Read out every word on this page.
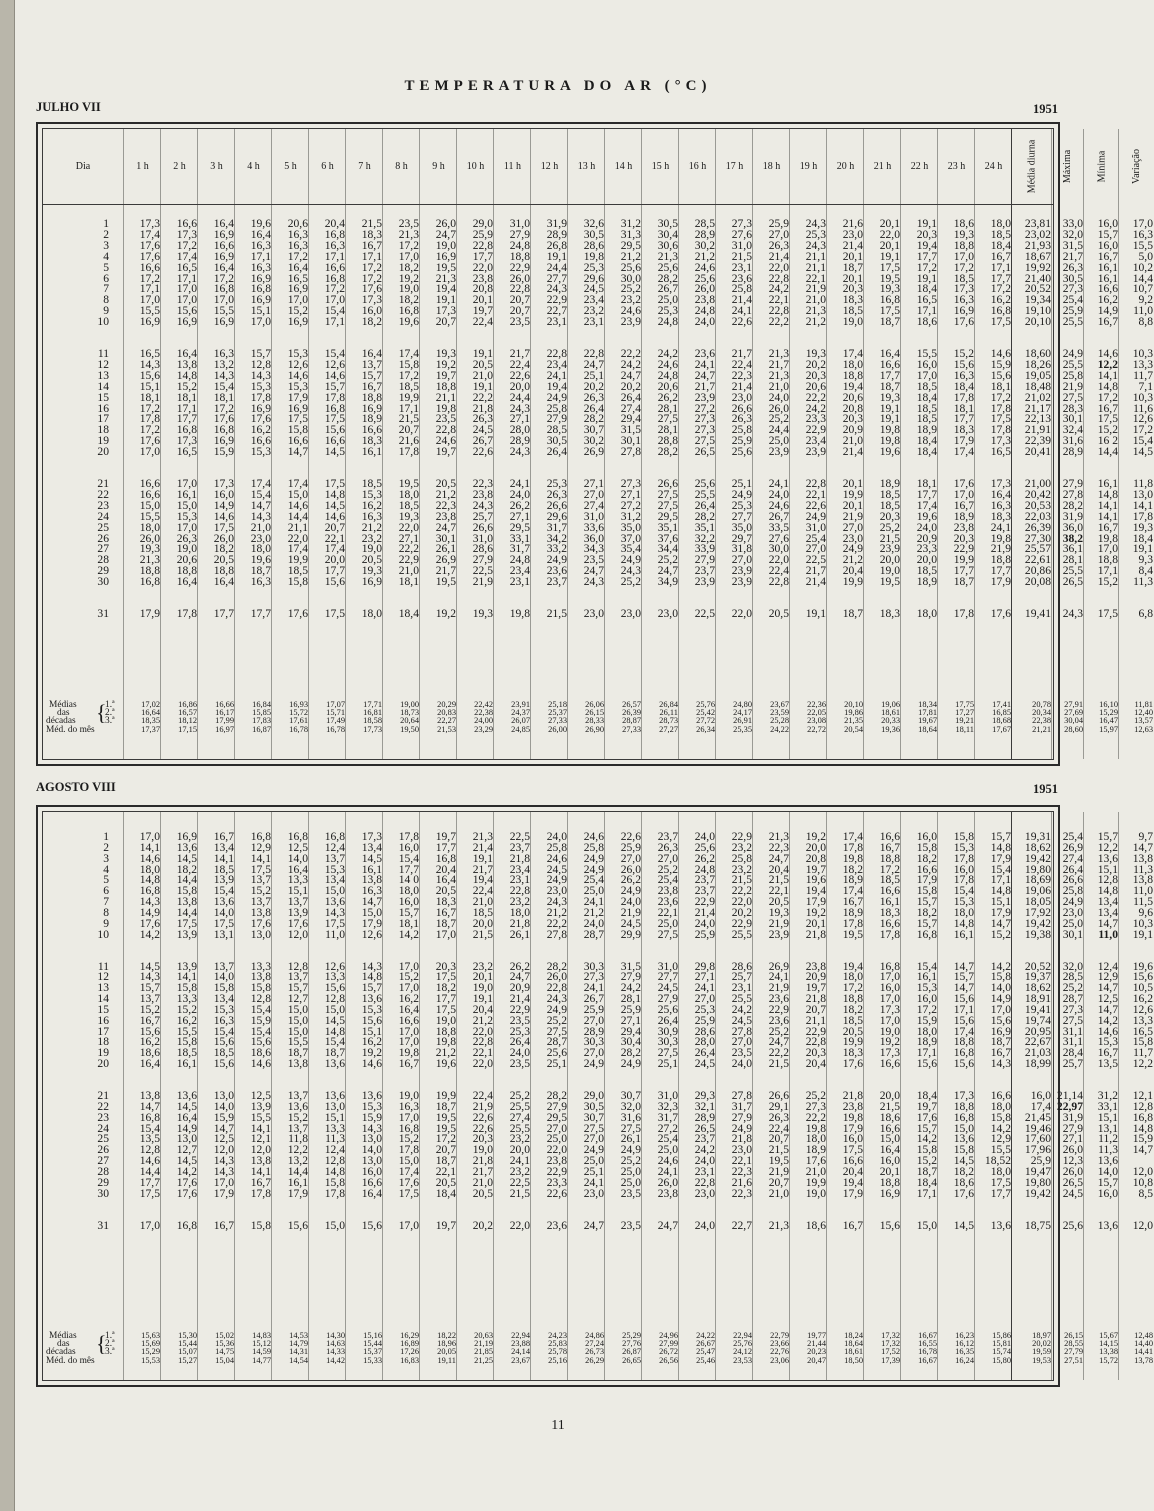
TEMPERATURA DO AR (°C)
JULHO VII	1951
Dia
1
2
3
4
5
6
7
8
9
10
11
12
13
14
15
16
17
18
19
20
21
22
23
24
25
26
27
28
29
30
31
Médias
das
décadas
1.ª
2.ª
3.ª
Méd. do mês
{
1 h
17,3
17,4
17,6
17,6
16,6
17,2
17,1
17,0
15,5
16,9
16,5
14,3
15,6
15,1
18,1
17,2
17,8
17,2
17,6
17,0
16,6
16,6
15,0
15,5
18,0
26,0
19,3
21,3
18,8
16,8
17,9
17,02
16,64
18,35
17,37
2 h
16,6
17,3
17,2
17,4
16,5
17,1
17,0
17,0
15,6
16,9
16,4
13,8
14,8
15,2
18,1
17,1
17,7
16,8
17,3
16,5
17,0
16,1
15,0
15,3
17,0
26,3
19,0
20,6
18,8
16,4
17,8
16,86
16,57
18,12
17,15
3 h
16,4
16,9
16,6
16,9
16,4
17,2
16,8
17,0
15,5
16,9
16,3
13,2
14,3
15,4
18,1
17,2
17,6
16,8
16,9
15,9
17,3
16,0
14,9
14,6
17,5
26,0
18,2
20,5
18,8
16,4
17,7
16,66
16,17
17,99
16,97
4 h
19,6
16,4
16,3
17,1
16,3
16,9
16,8
16,9
15,1
17,0
15,7
12,8
14,3
15,3
17,8
16,9
17,6
16,2
16,6
15,3
17,4
15,4
14,7
14,3
21,0
23,0
18,0
19,6
18,7
16,3
17,7
16,84
15,85
17,83
16,87
5 h
20,6
16,3
16,3
17,2
16,4
16,5
16,9
17,0
15,2
16,9
15,3
12,6
14,6
15,3
17,9
16,9
17,5
15,8
16,6
14,7
17,4
15,0
14,6
14,4
21,1
22,0
17,4
19,9
18,5
15,8
17,6
16,93
15,72
17,61
16,78
6 h
20,4
16,8
16,3
17,1
16,6
16,8
17,2
17,0
15,4
17,1
15,4
12,6
14,6
15,7
17,8
16,8
17,5
15,6
16,6
14,5
17,5
14,8
14,5
14,6
20,7
22,1
17,4
20,0
17,7
15,6
17,5
17,07
15,71
17,49
16,78
7 h
21,5
18,3
16,7
17,1
17,2
17,2
17,6
17,3
16,0
18,2
16,4
13,7
15,7
16,7
18,8
16,9
18,9
16,6
18,3
16,1
18,5
15,3
16,2
16,3
21,2
23,2
19,0
20,5
19,3
16,9
18,0
17,71
16,81
18,58
17,73
8 h
23,5
21,3
17,2
17,0
18,2
19,2
19,0
18,2
16,8
19,6
17,4
15,8
17,2
18,5
19,9
17,1
21,5
20,7
21,6
17,8
19,5
18,0
18,5
19,3
22,0
27,1
22,2
22,9
21,0
18,1
18,4
19,00
18,73
20,64
19,50
9 h
26,0
24,7
19,0
16,9
19,5
21,3
19,4
19,1
17,3
20,7
19,3
19,2
19,7
18,8
21,1
19,8
23,5
22,8
24,6
19,7
20,5
21,2
22,3
23,8
24,7
30,1
26,1
26,9
21,7
19,5
19,2
20,29
20,83
22,27
21,53
10 h
29,0
25,9
22,8
17,7
22,0
23,8
20,8
20,1
19,7
22,4
19,1
20,5
21,0
19,1
22,2
21,8
26,3
24,5
26,7
22,6
22,3
23,8
24,3
25,7
26,6
31,0
28,6
27,9
22,5
21,9
19,3
22,42
22,38
24,00
23,29
11 h
31,0
27,9
24,8
18,8
22,9
26,0
22,8
20,7
20,7
23,5
21,7
22,4
22,6
20,0
24,4
24,3
27,1
28,0
28,9
24,3
24,1
24,0
26,2
27,1
29,5
33,1
31,7
24,8
23,4
23,1
19,8
23,91
24,37
26,07
24,85
12 h
31,9
28,9
26,8
19,1
24,4
27,7
24,3
22,9
22,7
23,1
22,8
23,4
24,1
19,4
24,9
25,8
27,9
28,5
30,5
26,4
25,3
26,3
26,6
29,6
31,7
34,2
33,2
24,9
23,6
23,7
21,5
25,18
25,37
27,33
26,00
13 h
32,6
30,5
28,6
19,8
25,3
29,6
24,5
23,4
23,2
23,1
22,8
24,7
25,1
20,2
26,3
26,4
28,2
30,7
30,2
26,9
27,1
27,0
27,4
31,0
33,6
36,0
34,3
23,5
24,7
24,3
23,0
26,06
26,15
28,33
26,90
14 h
31,2
31,3
29,5
21,2
25,6
30,0
25,2
23,2
24,6
23,9
22,2
24,2
24,7
20,2
26,4
27,4
29,4
31,5
30,1
27,8
27,3
27,1
27,2
31,2
35,0
37,0
35,4
24,9
24,3
25,2
23,0
26,57
26,39
28,87
27,33
15 h
30,5
30,4
30,6
21,3
25,6
28,2
26,7
25,0
25,3
24,8
24,2
24,6
24,8
20,6
26,2
28,1
27,5
28,1
28,8
28,2
26,6
27,5
27,5
29,5
35,1
37,6
34,4
25,2
24,7
34,9
23,0
26,84
26,11
28,73
27,27
16 h
28,5
28,9
30,2
21,2
24,6
25,6
26,0
23,8
24,8
24,0
23,6
24,1
24,7
21,7
23,9
27,2
27,3
27,3
27,5
26,5
25,6
25,5
26,4
28,2
35,1
32,2
33,9
27,9
23,7
23,9
22,5
25,76
25,42
27,72
26,34
17 h
27,3
27,6
31,0
21,5
23,1
23,6
25,8
21,4
24,1
22,6
21,7
22,4
22,3
21,4
23,0
26,6
26,3
25,8
25,9
25,6
25,1
24,9
25,3
27,7
35,0
29,7
31,8
27,0
23,9
23,9
22,0
24,80
24,17
26,91
25,35
18 h
25,9
27,0
26,3
21,4
22,0
22,8
24,2
22,1
22,8
22,2
21,3
21,7
21,3
21,0
24,0
26,0
25,2
24,4
25,0
23,9
24,1
24,0
24,6
26,7
33,5
27,6
30,0
22,0
22,4
22,8
20,5
23,67
23,59
25,28
24,22
19 h
24,3
25,3
24,3
21,1
21,1
22,1
21,9
21,0
21,3
21,2
19,3
20,2
20,3
20,6
22,2
24,2
23,3
22,9
23,4
23,9
22,8
22,1
22,6
24,9
31,0
25,4
27,0
22,5
21,7
21,4
19,1
22,36
22,05
23,08
22,72
20 h
21,6
23,0
21,4
20,1
18,7
20,1
20,3
18,3
18,5
19,0
17,4
18,0
18,8
19,4
20,6
20,8
20,3
20,9
21,0
21,4
20,1
19,9
20,1
21,9
27,0
23,0
24,9
21,2
20,4
19,9
18,7
20,10
19,86
21,35
20,54
21 h
20,1
22,0
20,1
19,1
17,5
19,5
19,3
16,8
17,5
18,7
16,4
16,6
17,7
18,7
19,3
19,1
19,1
19,8
19,8
19,6
18,9
18,5
18,5
20,3
25,2
21,5
23,9
20,0
19,0
19,5
18,3
19,06
18,61
20,33
19,36
22 h
19,1
20,3
19,4
17,7
17,2
19,1
18,4
16,5
17,1
18,6
15,5
16,0
17,0
18,5
18,4
18,5
18,5
18,9
18,4
18,4
18,1
17,7
17,4
19,6
24,0
20,9
23,3
20,0
18,5
18,9
18,0
18,34
17,81
19,67
18,64
23 h
18,6
19,3
18,8
17,0
17,2
18,5
17,3
16,3
16,9
17,6
15,2
15,6
16,3
18,4
17,8
18,1
17,7
18,3
17,9
17,4
17,6
17,0
16,7
18,9
23,8
20,3
22,9
19,9
17,7
18,7
17,8
17,75
17,27
19,21
18,11
24 h
18,0
18,5
18,4
16,7
17,1
17,7
17,2
16,2
16,8
17,5
14,6
15,9
15,6
18,1
17,2
17,8
17,5
17,8
17,3
16,5
17,3
16,4
16,3
18,3
24,1
19,8
21,9
18,8
17,7
17,9
17,6
17,41
16,85
18,68
17,67
Média diurna
23,81
23,02
21,93
18,67
19,92
21,40
20,52
19,34
19,10
20,10
18,60
18,26
19,05
18,48
21,02
21,17
22,13
21,91
22,39
20,41
21,00
20,42
20,53
22,03
26,39
27,30
25,57
22,61
20,86
20,08
19,41
20,78
20,34
22,38
21,21
Máxima
33,0
32,0
31,5
21,7
26,3
30,5
27,3
25,4
25,9
25,5
24,9
25,5
25,8
21,9
27,5
28,3
30,1
32,4
31,6
28,9
27,9
27,8
28,2
31,9
36,0
38,2
36,1
28,1
25,5
26,5
24,3
27,91
27,69
30,04
28,60
Mínima
16,0
15,7
16,0
16,7
16,1
16,1
16,6
16,2
14,9
16,7
14,6
12,2
14,1
14,8
17,2
16,7
17,5
15,2
16 2
14,4
16,1
14,8
14,1
14,1
16,7
19,8
17,0
18,8
17,1
15,2
17,5
16,10
15,29
16,47
15,97
Variação
17,0
16,3
15,5
5,0
10,2
14,4
10,7
9,2
11,0
8,8
10,3
13,3
11,7
7,1
10,3
11,6
12,6
17,2
15,4
14,5
11,8
13,0
14,1
17,8
19,3
18,4
19,1
9,3
8,4
11,3
6,8
11,81
12,40
13,57
12,63
AGOSTO VIII	1951
1
2
3
4
5
6
7
8
9
10
11
12
13
14
15
16
17
18
19
20
21
22
23
24
25
26
27
28
29
30
31
Médias
das
décadas
1.ª
2.ª
3.ª
Méd. do mês
{
17,0
14,1
14,6
18,0
14,8
16,8
14,3
14,9
17,6
14,2
14,5
14,3
15,7
13,7
15,2
16,7
15,6
16,2
18,6
16,4
13,8
14,7
16,8
15,4
13,5
12,8
14,6
14,4
17,7
17,5
17,0
15,63
15,69
15,29
15,53
16,9
13,6
14,5
18,2
14,4
15,8
13,8
14,4
17,5
13,9
13,9
14,1
15,8
13,3
15,2
16,2
15,5
15,8
18,5
16,1
13,6
14,5
16,4
14,9
13,0
12,7
14,5
14,2
17,6
17,6
16,8
15,30
15,44
15,07
15,27
16,7
13,4
14,1
18,5
13,9
15,4
13,6
14,0
17,5
13,1
13,7
14,0
15,8
13,4
15,3
16,3
15,4
15,6
18,5
15,6
13,0
14,0
15,9
14,7
12,5
12,0
14,3
14,3
17,0
17,9
16,7
15,02
15,36
14,75
15,04
16,8
12,9
14,1
17,5
13,7
15,2
13,7
13,8
17,6
13,0
13,3
13,8
15,8
12,8
15,4
15,9
15,4
15,6
18,6
14,6
12,5
13,9
15,5
14,1
12,1
12,0
13,8
14,1
16,7
17,8
15,8
14,83
15,12
14,59
14,77
16,8
12,5
14,0
16,4
13,3
15,1
13,7
13,9
17,6
12,0
12,8
13,7
15,7
12,7
15,0
15,0
15,0
15,5
18,7
13,8
13,7
13,6
15,2
13,7
11,8
12,2
13,2
14,4
16,1
17,9
15,6
14,53
14,79
14,31
14,54
16,8
12,4
13,7
15,3
13,4
15,0
13,6
14,3
17,5
11,0
12,6
13,3
15,6
12,8
15,0
14,5
14,8
15,4
18,7
13,6
13,6
13,0
15,1
13,3
11,3
12,4
12,8
14,8
15,8
17,8
15,0
14,30
14,63
14,33
14,42
17,3
13,4
14,5
16,1
13,8
16,3
14,7
15,0
17,9
12,6
14,3
14,8
15,7
13,6
15,3
15,6
15,1
16,2
19,2
14,6
13,6
15,3
15,9
14,3
13,0
14,0
13,0
16,0
16,6
16,4
15,6
15,16
15,44
15,37
15,33
17,8
16,0
15,4
17,7
14 0
18,0
16,0
15,7
18,1
14,2
17,0
15,2
17,0
16,2
16,4
16,6
17,0
17,0
19,8
16,7
19,0
16,3
17,0
16,8
15,2
17,8
15,0
17,4
17,6
17,5
17,0
16,29
16,89
17,26
16,83
19,7
17,7
16,8
20,4
16,4
20,5
18,3
16,7
18,7
17,0
20,3
17,5
18,2
17,7
17,5
19,0
18,8
19,8
21,2
19,6
19,9
18,7
19,5
19,5
17,2
20,7
18,7
22,1
20,5
18,4
19,7
18,22
18,96
20,05
19,11
21,3
21,4
19,1
21,7
19,4
22,4
21,0
18,5
20,0
21,5
23,2
20,1
19,0
19,1
20,4
21,2
22,0
22,8
22,1
22,0
22,4
21,9
22,6
22,6
20,3
19,0
21,8
21,7
21,0
20,5
20,2
20,63
21,19
21,85
21,25
22,5
23,7
21,8
23,4
23,1
22,8
23,2
18,0
21,8
26,1
26,2
24,7
20,9
21,4
22,9
23,5
25,3
26,4
24,0
23,5
25,2
25,5
27,4
25,5
23,2
20,0
24,1
23,2
22,5
21,5
22,0
22,94
23,88
24,14
23,67
24,0
25,8
24,6
24,5
24,9
23,0
24,3
21,2
22,2
27,8
28,2
26,0
22,8
24,3
24,9
25,2
27,5
28,7
25,6
25,1
28,2
27,9
29,5
27,0
25,0
22,0
23,8
22,9
23,3
22,6
23,6
24,23
25,83
25,78
25,16
24,6
25,8
24,9
24,9
25,4
25,0
24,1
21,2
24,0
28,7
30,3
27,3
24,1
26,7
25,9
27,0
28,9
30,3
27,0
24,9
29,0
30,5
30,7
27,5
27,0
24,9
25,0
25,1
24,1
23,0
24,7
24,86
27,24
26,73
26,29
22,6
25,9
27,0
26,0
26,2
24,9
24,0
21,9
24,5
29,9
31,5
27,9
24,2
28,1
25,9
27,1
29,4
30,4
28,2
24,9
30,7
32,0
31,6
27,5
26,1
24,9
25,2
25,0
25,0
23,5
23,5
25,29
27,76
26,87
26,65
23,7
26,3
27,0
25,2
25,4
23,8
23,6
22,1
25,0
27,5
31,0
27,7
24,5
27,9
25,6
26,4
30,9
30,3
27,5
25,1
31,0
32,3
31,7
27,2
25,4
25,0
24,6
24,1
26,0
23,8
24,7
24,96
27,99
26,72
26,56
24,0
25,6
26,2
24,8
23,7
23,7
22,9
21,4
24,0
25,9
29,8
27,1
24,1
27,0
25,3
25,9
28,6
28,0
26,4
24,5
29,3
32,1
28,9
26,5
23,7
24,2
24,0
23,1
22,8
23,0
24,0
24,22
26,67
25,47
25,46
22,9
23,2
25,8
23,2
21,5
22,2
22,0
20,2
22,9
25,5
28,6
25,7
23,1
25,5
24,2
24,5
27,8
27,0
23,5
24,0
27,8
31,7
27,9
24,9
21,8
23,0
22,1
22,3
21,6
22,3
22,7
22,94
25,76
24,12
23,53
21,3
22,3
24,7
20,4
21,5
22,1
20,5
19,3
21,9
23,9
26,9
24,1
21,9
23,6
22,9
23,6
25,2
24,7
22,2
21,5
26,6
29,1
26,3
22,4
20,7
21,5
19,5
21,9
20,7
21,0
21,3
22,79
23,66
22,76
23,06
19,2
20,0
20,8
19,7
19,6
19,4
17,9
19,2
20,1
21,8
23,8
20,9
19,7
21,8
20,7
21,1
22,9
22,8
20,3
20,4
25,2
27,3
22,2
19,8
18,0
18,9
17,6
21,0
19,9
19,0
18,6
19,77
21,44
20,23
20,47
17,4
17,8
19,8
18,2
18,9
17,4
16,7
18,9
17,8
19,5
19,4
18,0
17,2
18,8
18,2
18,5
20,5
19,9
18,3
17,6
21,8
23,8
19,8
17,9
16,0
17,5
16,6
20,4
19,4
17,9
16,7
18,24
18,64
18,61
18,50
16,6
16,7
18,8
17,2
18,5
16,6
16,1
18,3
16,6
17,8
16,8
17,0
16,0
17,0
17,3
17,0
19,0
19,2
17,3
16,6
20,0
21,5
18,6
16,6
15,0
16,4
16,0
20,1
18,8
16,9
15,6
17,32
17,32
17,52
17,39
16,0
15,8
18,2
16,6
17,9
15,8
15,7
18,2
15,7
16,8
15,4
16,1
15,3
16,0
17,2
15,9
18,0
18,9
17,1
15,6
18,4
19,7
17,6
15,7
14,2
15,8
15,2
18,7
18,4
17,1
15,0
16,67
16,55
16,78
16,67
15,8
15,3
17,8
16,0
17,8
15,4
15,3
18,0
14,8
16,1
14,7
15,7
14,7
15,6
17,1
15,6
17,4
18,8
16,8
15,6
17,3
18,8
16,8
15,0
13,6
15,8
14,5
18,2
18,6
17,6
14,5
16,23
16,12
16,35
16,24
15,7
14,8
17,9
15,4
17,1
14,8
15,1
17,9
14,7
15,2
14,2
15,8
14,0
14,9
17,0
15,6
16,9
18,7
16,7
14,3
16,6
18,0
15,8
14,2
12,9
15,5
18,52
18,0
17,5
17,7
13,6
15,86
15,81
15,74
15,80
19,31
18,62
19,42
19,80
18,69
19,06
18,05
17,92
19,42
19,38
20,52
19,37
18,62
18,91
19,41
19,74
20,95
22,67
21,03
18,99
16,0
17,4
21,45
19,46
17,60
17,96
25,9
19,47
19,80
19,42
18,75
18,97
20,02
19,59
19,53
25,4
26,9
27,4
26,4
26,6
25,8
24,9
23,0
25,0
30,1
32,0
28,5
25,2
28,7
27,3
27,5
31,1
31,1
28,4
25,7
21,14
22,97
31,9
27,9
27,1
26,0
12,3
26,0
26,5
24,5
25,6
26,15
28,55
27,79
27,51
15,7
12,2
13,6
15,1
12,8
14,8
13,4
13,4
14,7
11,0
12,4
12,9
14,7
12,5
14,7
14,2
14,6
15,3
16,7
13,5
31,2
33,1
15,1
13,1
11,2
11,3
13,6
14,0
15,7
16,0
13,6
15,67
14,15
13,38
15,72
9,7
14,7
13,8
11,3
13,8
11,0
11,5
9,6
10,3
19,1
19,6
15,6
10,5
16,2
12,6
13,3
16,5
15,8
11,7
12,2
12,1
12,8
16,8
14,8
15,9
14,7
12,0
10,8
8,5
12,0
12,48
14,40
14,41
13,78
11
